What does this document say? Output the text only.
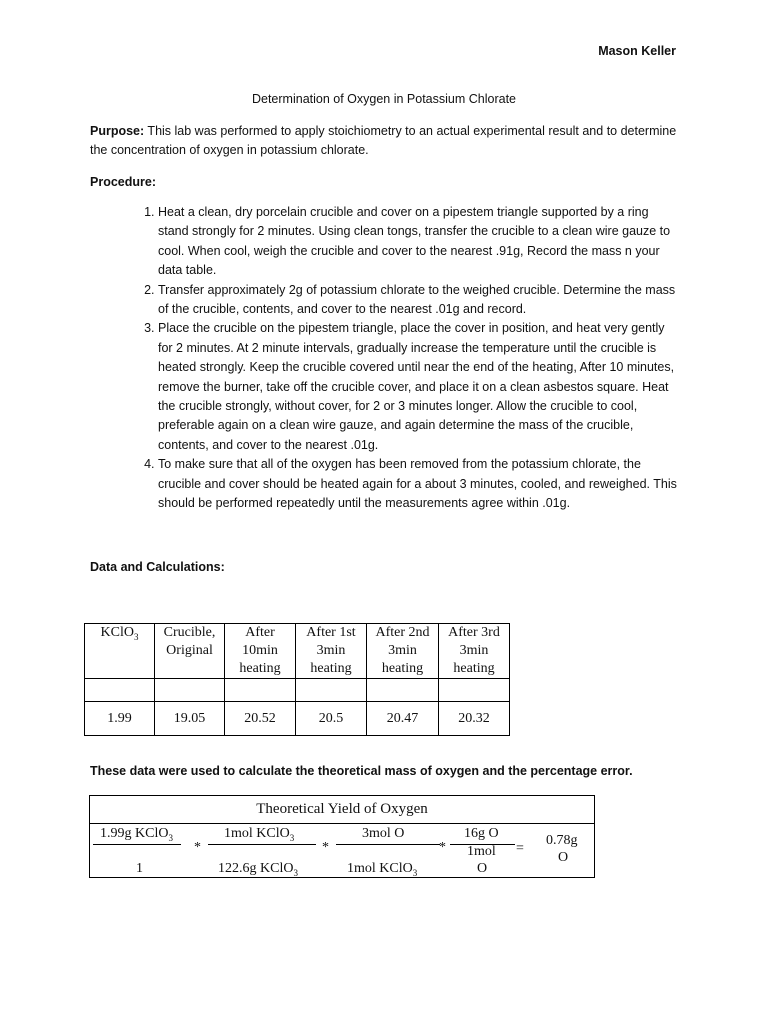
Mason Keller
Determination of Oxygen in Potassium Chlorate
Purpose: This lab was performed to apply stoichiometry to an actual experimental result and to determine the concentration of oxygen in potassium chlorate.
Procedure:
1. Heat a clean, dry porcelain crucible and cover on a pipestem triangle supported by a ring stand strongly for 2 minutes. Using clean tongs, transfer the crucible to a clean wire gauze to cool. When cool, weigh the crucible and cover to the nearest .91g, Record the mass n your data table.
2. Transfer approximately 2g of potassium chlorate to the weighed crucible. Determine the mass of the crucible, contents, and cover to the nearest .01g and record.
3. Place the crucible on the pipestem triangle, place the cover in position, and heat very gently for 2 minutes. At 2 minute intervals, gradually increase the temperature until the crucible is heated strongly. Keep the crucible covered until near the end of the heating, After 10 minutes, remove the burner, take off the crucible cover, and place it on a clean asbestos square. Heat the crucible strongly, without cover, for 2 or 3 minutes longer. Allow the crucible to cool, preferable again on a clean wire gauze, and again determine the mass of the crucible, contents, and cover to the nearest .01g.
4. To make sure that all of the oxygen has been removed from the potassium chlorate, the crucible and cover should be heated again for a about 3 minutes, cooled, and reweighed. This should be performed repeatedly until the measurements agree within .01g.
Data and Calculations:
KClO$_3$	Crucible, Original	After 10min heating	After 1st 3min heating	After 2nd 3min heating	After 3rd 3min heating

1.99	19.05	20.52	20.5	20.47	20.32
These data were used to calculate the theoretical mass of oxygen and the percentage error.
Theoretical Yield of Oxygen
1.99g KClO$_3$
1
*
1mol KClO$_3$
122.6g KClO$_3$
*
3mol O
1mol KClO$_3$
*
16g O
1mol
O
=
0.78g
O
